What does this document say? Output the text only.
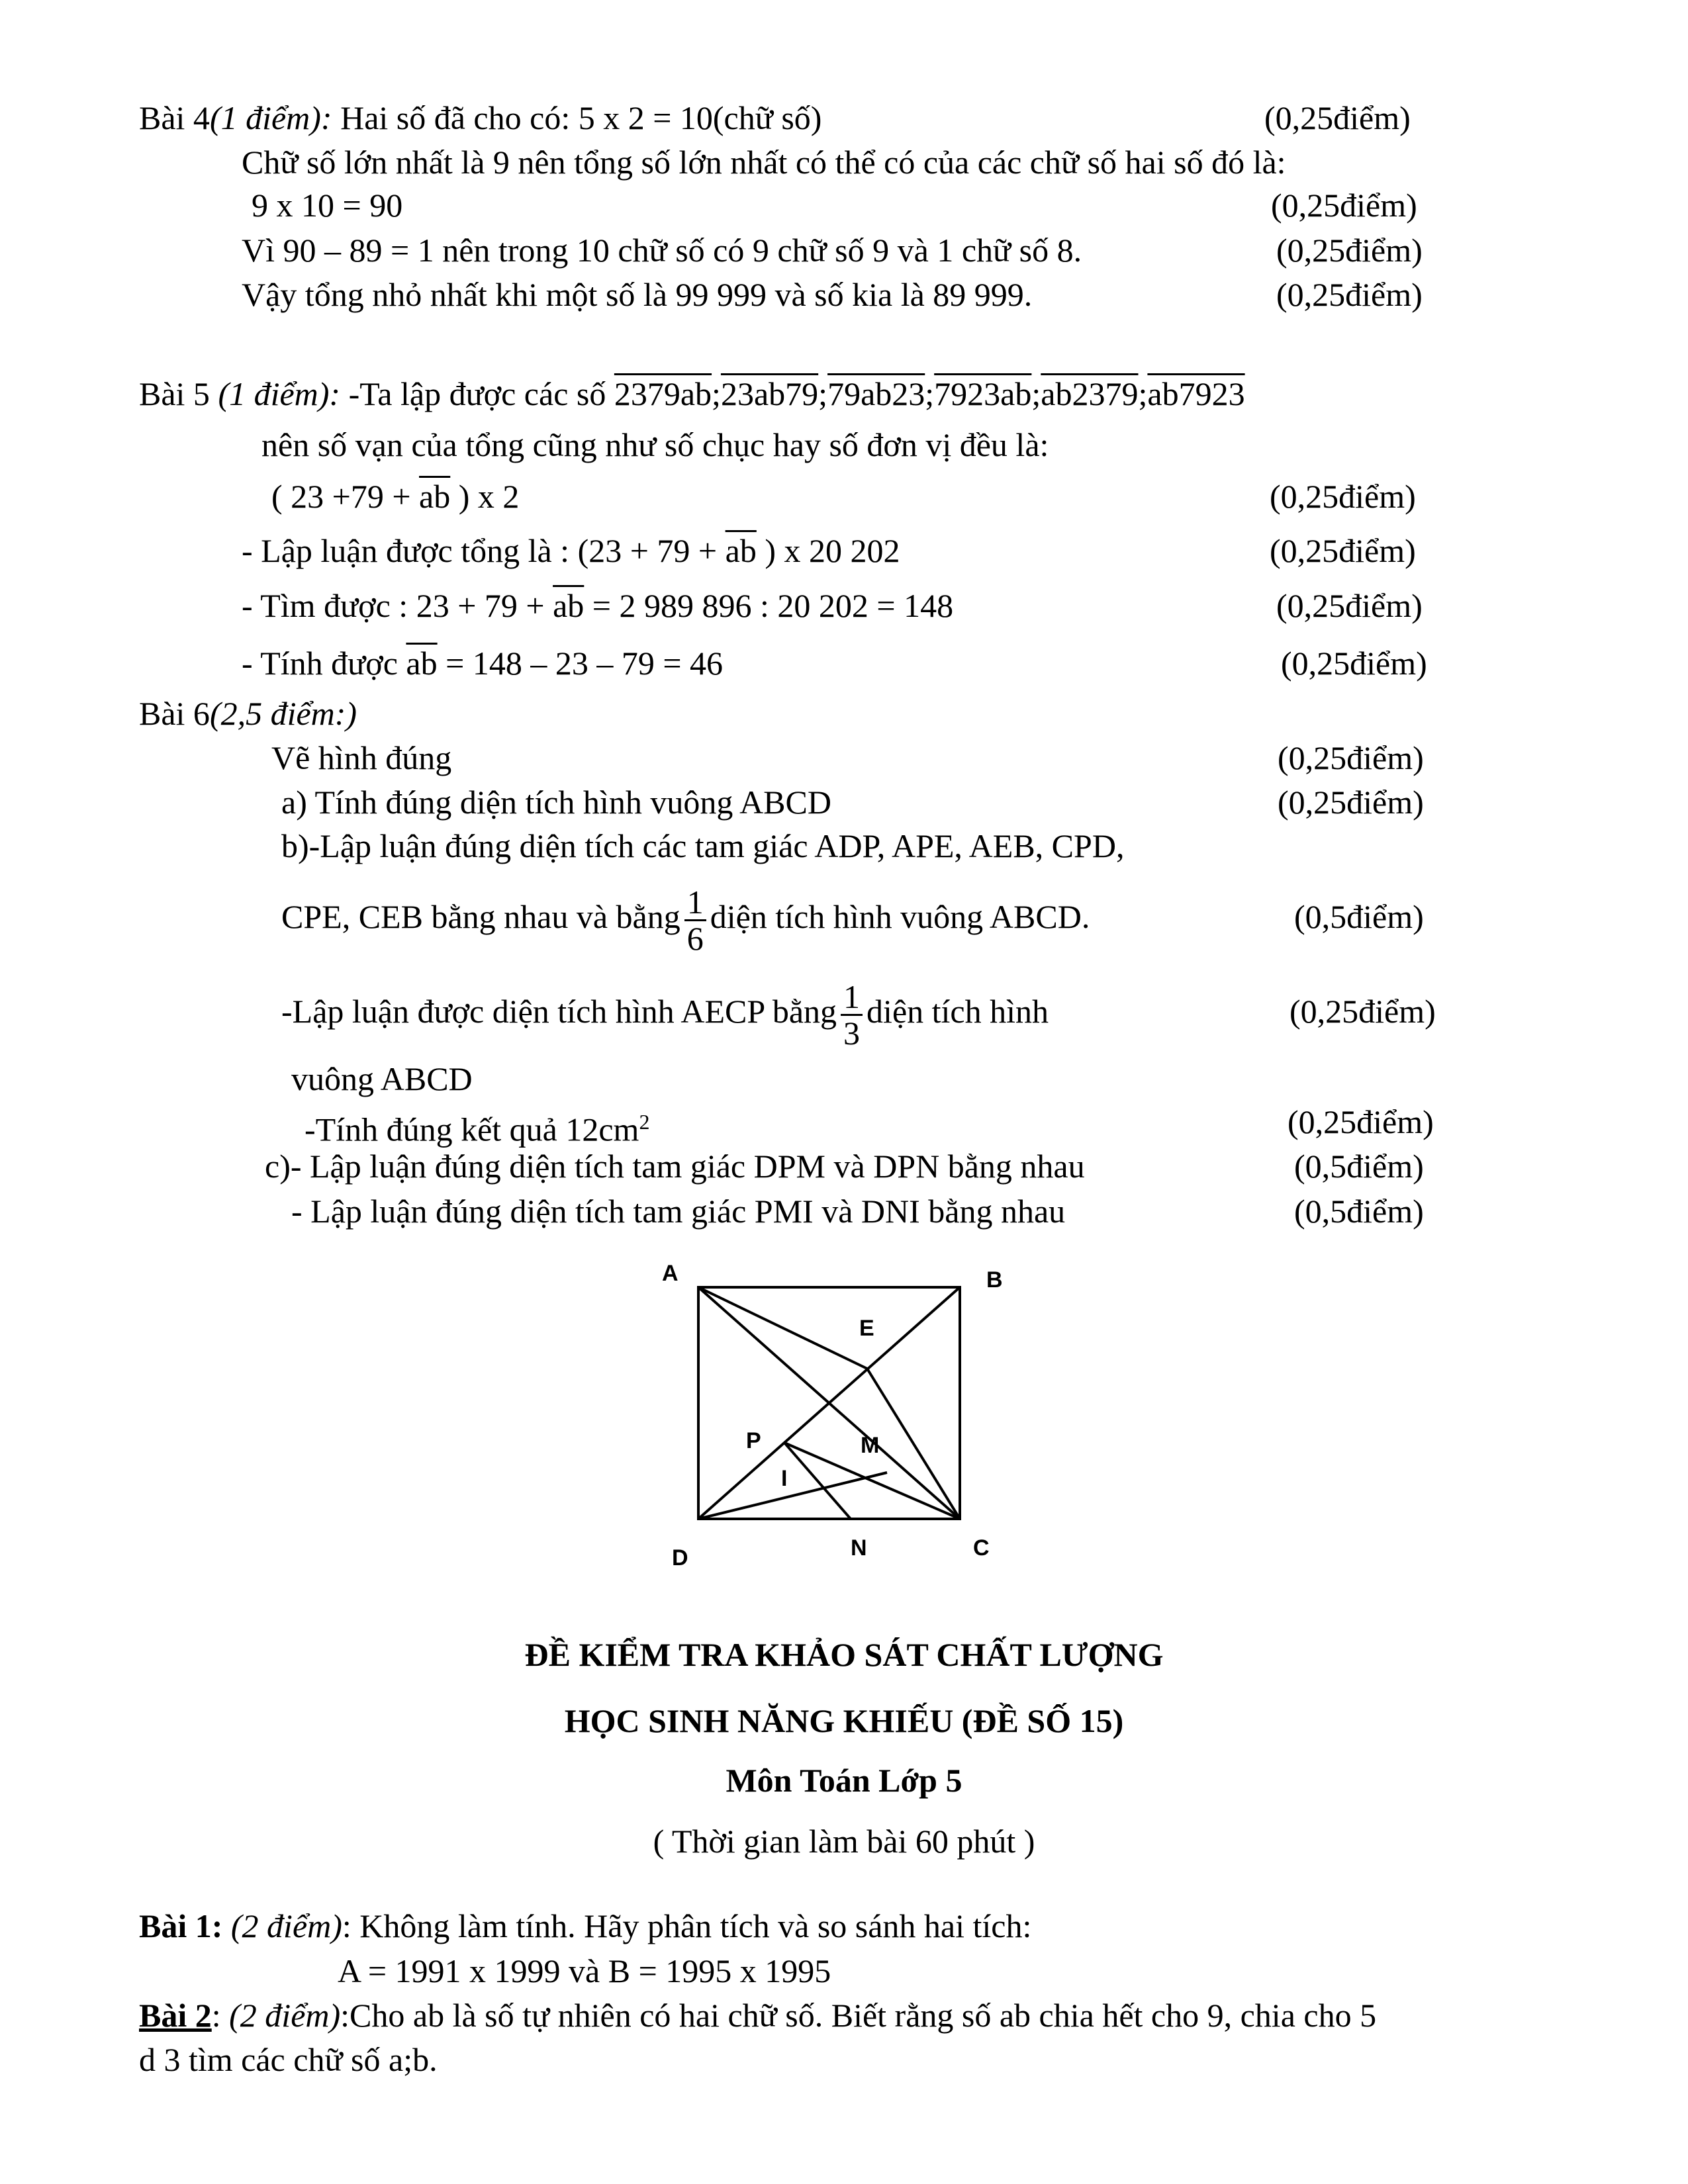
Bài 4(1 điểm): Hai số đã cho có: 5 x 2 = 10(chữ số)	(0,25điểm)
Chữ số lớn nhất là 9 nên tổng số lớn nhất có thể có của các chữ số hai số đó là:
9 x 10 = 90	(0,25điểm)
Vì 90 – 89 = 1 nên trong 10 chữ số có 9 chữ số 9 và 1 chữ số 8.	(0,25điểm)
Vậy tổng nhỏ nhất khi một số là 99 999 và số kia là 89 999.	(0,25điểm)
Bài 5 (1 điểm): -Ta lập được các số 2379ab;23ab79;79ab23;7923ab;ab2379;ab7923
nên số vạn của tổng cũng như số chục hay số đơn vị đều là:
( $23 +79 + \overline{ab}$ ) x 2	(0,25điểm)
- Lập luận được tổng là : ($23 + 79 + \overline{ab}$ ) x 20 202	(0,25điểm)
- Tìm được : $23 + 79 + \overline{ab} = 2$ 989 896 : 20 202 = 148	(0,25điểm)
- Tính được $\overline{ab} = 148 - 23 - 79 = 46$	(0,25điểm)
Bài 6(2,5 điểm:)
Vẽ hình đúng	(0,25điểm)
a) Tính đúng diện tích hình vuông ABCD	(0,25điểm)
b)-Lập luận đúng diện tích các tam giác ADP, APE, AEB, CPD,
CPE, CEB bằng nhau và bằng $\frac{1}{6}$ diện tích hình vuông ABCD.	(0,5điểm)
-Lập luận được diện tích hình AECP bằng $\frac{1}{3}$ diện tích hình	(0,25điểm)
vuông ABCD
-Tính đúng kết quả $12cm^2$	(0,25điểm)
c)- Lập luận đúng diện tích tam giác DPM và DPN bằng nhau	(0,5điểm)
- Lập luận đúng diện tích tam giác PMI và DNI bằng nhau	(0,5điểm)
A	B
E
P	M
I
D	N	C
ĐỀ KIỂM TRA KHẢO SÁT CHẤT LƯỢNG
HỌC SINH NĂNG KHIẾU (ĐỀ SỐ 15)
Môn Toán Lớp 5
( Thời gian làm bài 60 phút )
Bài 1: (2 điểm): Không làm tính. Hãy phân tích và so sánh hai tích:
A = 1991 x 1999 và B = 1995 x 1995
Bài 2: (2 điểm):Cho ab là số tự nhiên có hai chữ số. Biết rằng số ab chia hết cho 9, chia cho 5
d 3 tìm các chữ số a;b.
